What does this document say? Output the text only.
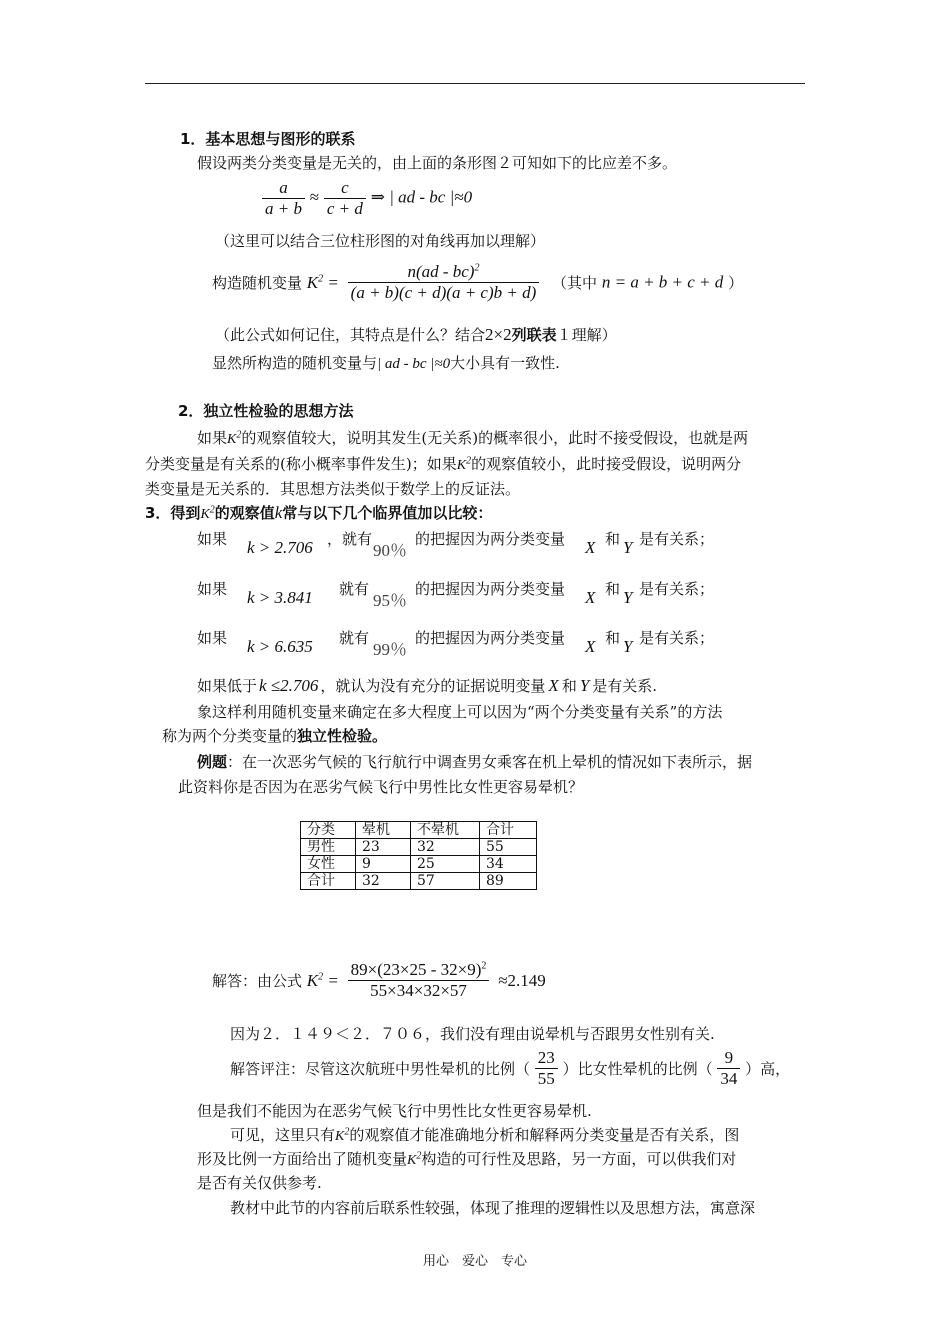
1．基本思想与图形的联系
假设两类分类变量是无关的，由上面的条形图２可知如下的比应差不多。
$\frac{a}{a + b} \approx \frac{c}{c + d}$ ⇒ | ad - bc |≈0
（这里可以结合三位柱形图的对角线再加以理解）
构造随机变量 $K^2 = \frac{n(ad - bc)^2}{(a + b)(c + d)(a + c)b + d)}$ （其中 n = a + b + c + d ）
（此公式如何记住，其特点是什么？结合2×2列联表１理解）
显然所构造的随机变量与| ad - bc |≈0大小具有一致性.
2．独立性检验的思想方法
如果$K^2$的观察值较大，说明其发生(无关系)的概率很小，此时不接受假设，也就是两
分类变量是有关系的(称小概率事件发生)；如果$K^2$的观察值较小，此时接受假设，说明两分
类变量是无关系的．其思想方法类似于数学上的反证法。
3．得到$K^2$的观察值k常与以下几个临界值加以比较：
如果 k > 2.706 ，就有
90％
的把握因为两分类变量 X 和 Y 是有关系；
如果 k > 3.841 就有
95％
的把握因为两分类变量 X 和 Y 是有关系；
如果 k > 6.635 就有
99％
的把握因为两分类变量 X 和 Y 是有关系；
如果低于 k ≤2.706 ，就认为没有充分的证据说明变量 X 和 Y 是有关系.
象这样利用随机变量来确定在多大程度上可以因为“两个分类变量有关系”的方法
称为两个分类变量的独立性检验。
例题：在一次恶劣气候的飞行航行中调查男女乘客在机上晕机的情况如下表所示，据
此资料你是否因为在恶劣气候飞行中男性比女性更容易晕机？
分类	晕机	不晕机	合计
男性	23	32	55
女性	9	25	34
合计	32	57	89
解答：由公式 $K^2 = \frac{89\times(23\times 25 - 32\times 9)^2}{55\times 34\times 32\times 57} \approx 2.149$
因为２．１４９＜２．７０６，我们没有理由说晕机与否跟男女性别有关.
解答评注：尽管这次航班中男性晕机的比例（ $\frac{23}{55}$ ）比女性晕机的比例（ $\frac{9}{34}$ ）高，
但是我们不能因为在恶劣气候飞行中男性比女性更容易晕机.
可见，这里只有$K^2$的观察值才能准确地分析和解释两分类变量是否有关系，图
形及比例一方面给出了随机变量$K^2$构造的可行性及思路，另一方面，可以供我们对
是否有关仅供参考.
教材中此节的内容前后联系性较强，体现了推理的逻辑性以及思想方法，寓意深
用心　爱心　专心
